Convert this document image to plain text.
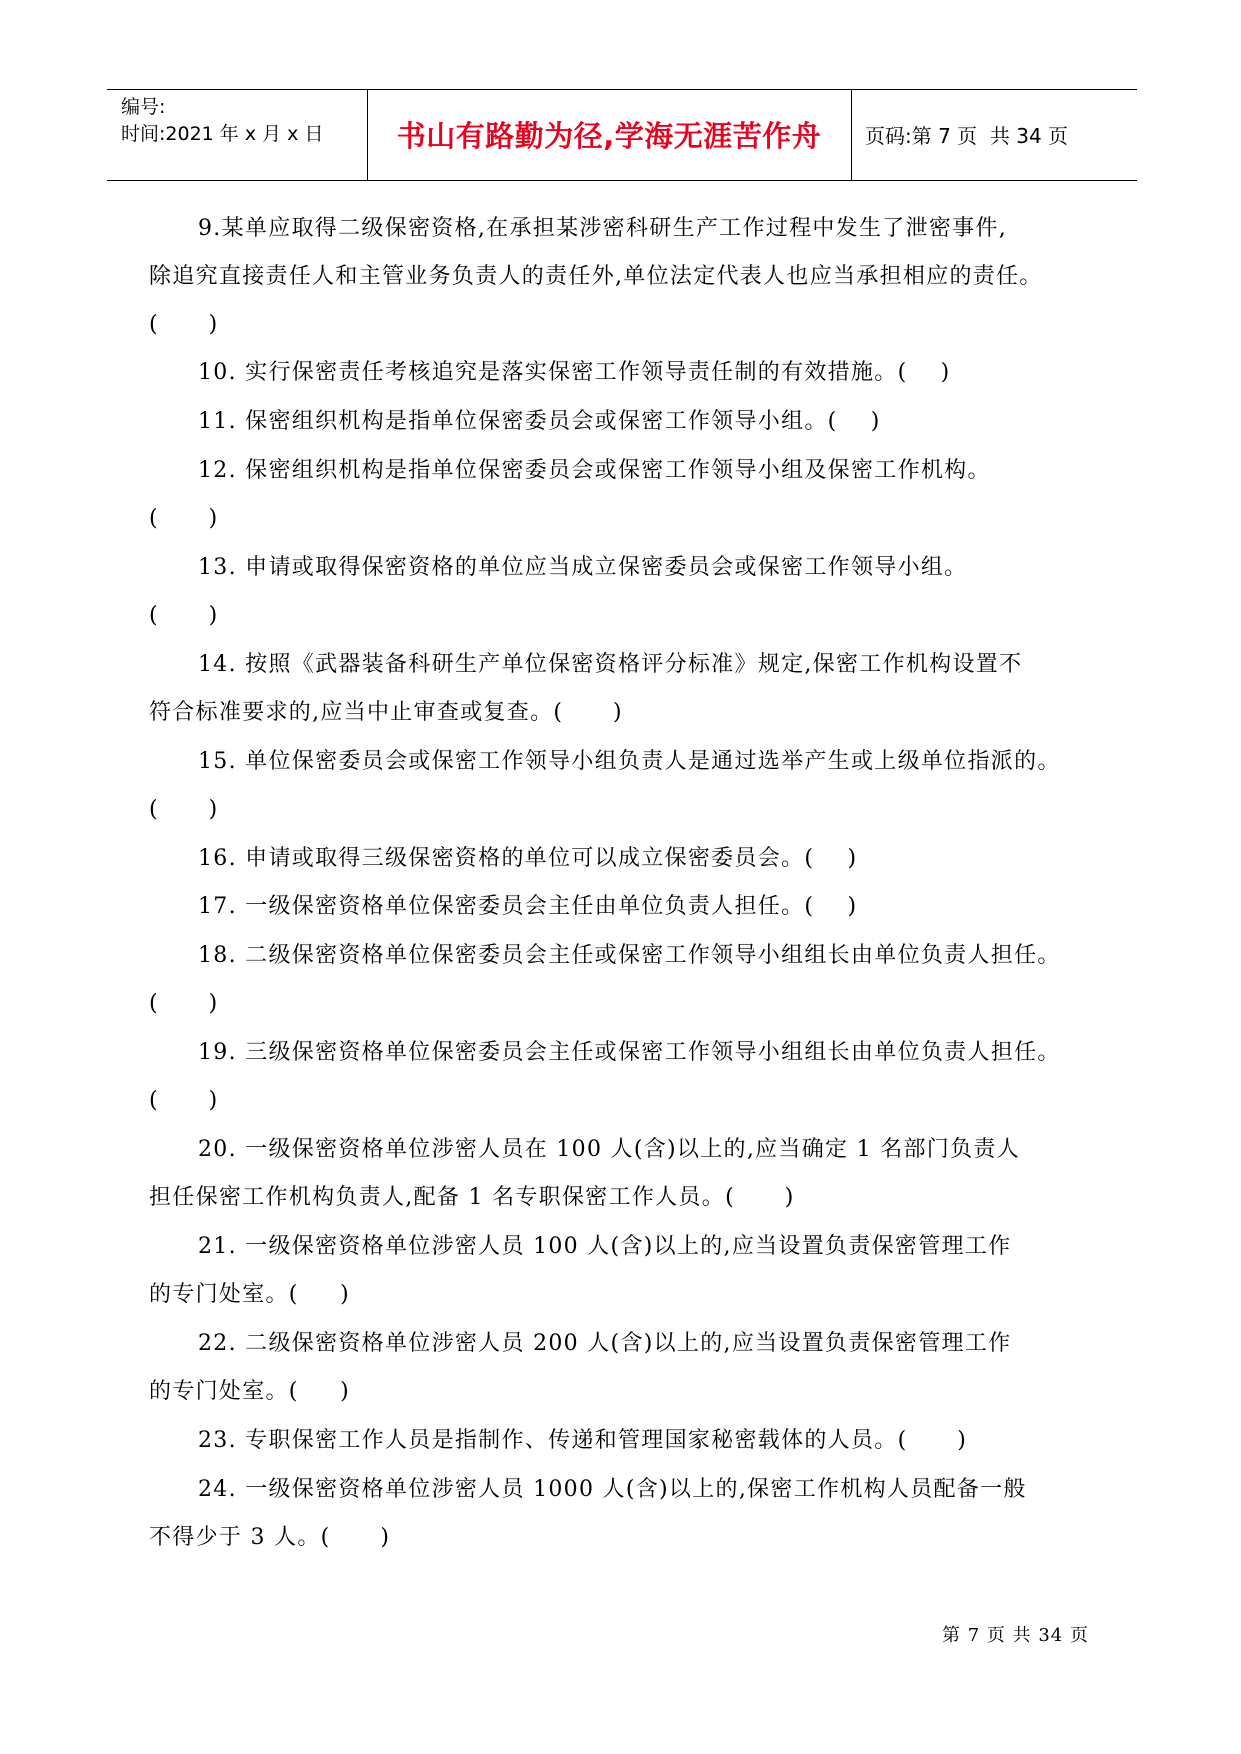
编号:
时间:2021 年 x 月 x 日	书山有路勤为径,学海无涯苦作舟	页码:第 7 页  共 34 页
9.某单应取得二级保密资格,在承担某涉密科研生产工作过程中发生了泄密事件,
除追究直接责任人和主管业务负责人的责任外,单位法定代表人也应当承担相应的责任。
(      )
10. 实行保密责任考核追究是落实保密工作领导责任制的有效措施。(    )
11. 保密组织机构是指单位保密委员会或保密工作领导小组。(    )
12. 保密组织机构是指单位保密委员会或保密工作领导小组及保密工作机构。
(      )
13. 申请或取得保密资格的单位应当成立保密委员会或保密工作领导小组。
(      )
14. 按照《武器装备科研生产单位保密资格评分标准》规定,保密工作机构设置不
符合标准要求的,应当中止审查或复查。(      )
15. 单位保密委员会或保密工作领导小组负责人是通过选举产生或上级单位指派的。
(      )
16. 申请或取得三级保密资格的单位可以成立保密委员会。(    )
17. 一级保密资格单位保密委员会主任由单位负责人担任。(    )
18. 二级保密资格单位保密委员会主任或保密工作领导小组组长由单位负责人担任。
(      )
19. 三级保密资格单位保密委员会主任或保密工作领导小组组长由单位负责人担任。
(      )
20. 一级保密资格单位涉密人员在 100 人(含)以上的,应当确定 1 名部门负责人
担任保密工作机构负责人,配备 1 名专职保密工作人员。(      )
21. 一级保密资格单位涉密人员 100 人(含)以上的,应当设置负责保密管理工作
的专门处室。(     )
22. 二级保密资格单位涉密人员 200 人(含)以上的,应当设置负责保密管理工作
的专门处室。(     )
23. 专职保密工作人员是指制作、传递和管理国家秘密载体的人员。(      )
24. 一级保密资格单位涉密人员 1000 人(含)以上的,保密工作机构人员配备一般
不得少于 3 人。(      )
第 7 页 共 34 页
